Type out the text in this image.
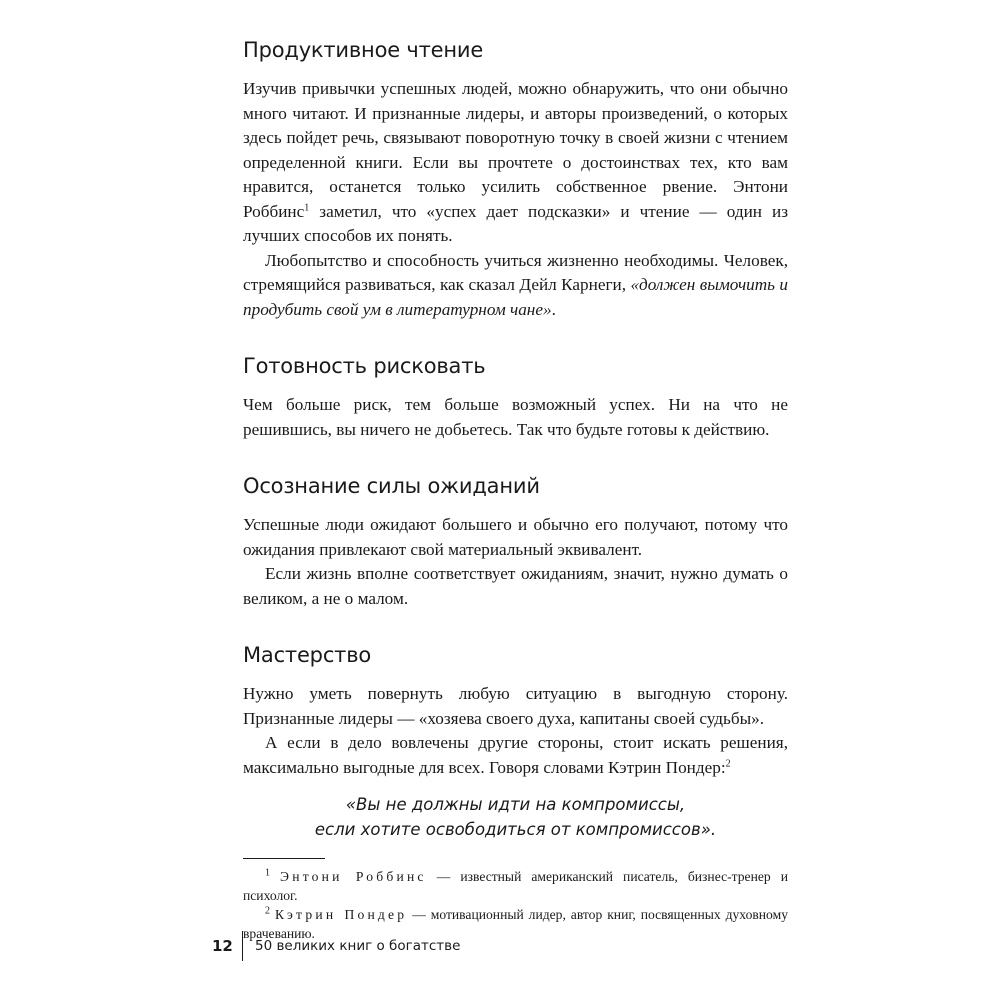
Продуктивное чтение

Изучив привычки успешных людей, можно обнаружить, что они обычно много читают. И признанные лидеры, и авторы произведений, о которых здесь пойдет речь, связывают поворотную точку в своей жизни с чтением определенной книги. Если вы прочтете о достоинствах тех, кто вам нравится, останется только усилить собственное рвение. Энтони Роббинс$^1$ заметил, что «успех дает подсказки» и чтение — один из лучших способов их понять.

Любопытство и способность учиться жизненно необходимы. Человек, стремящийся развиваться, как сказал Дейл Карнеги, «должен вымочить и продубить свой ум в литературном чане».

Готовность рисковать

Чем больше риск, тем больше возможный успех. Ни на что не решившись, вы ничего не добьетесь. Так что будьте готовы к действию.

Осознание силы ожиданий

Успешные люди ожидают большего и обычно его получают, потому что ожидания привлекают свой материальный эквивалент.

Если жизнь вполне соответствует ожиданиям, значит, нужно думать о великом, а не о малом.

Мастерство

Нужно уметь повернуть любую ситуацию в выгодную сторону. Признанные лидеры — «хозяева своего духа, капитаны своей судьбы».

А если в дело вовлечены другие стороны, стоит искать решения, максимально выгодные для всех. Говоря словами Кэтрин Пондер:$^2$

«Вы не должны идти на компромиссы,
если хотите освободиться от компромиссов».

$^1$ Энтони Роббинс — известный американский писатель, бизнес-тренер и психолог.

$^2$ Кэтрин Пондер — мотивационный лидер, автор книг, посвященных духовному врачеванию.

12	50 великих книг о богатстве
